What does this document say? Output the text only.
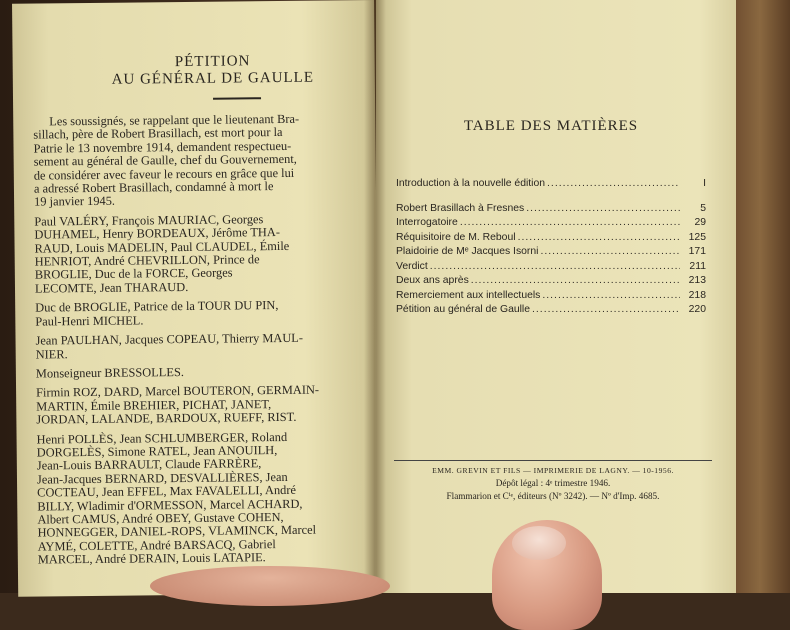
PÉTITION
AU GÉNÉRAL DE GAULLE
Les soussignés, se rappelant que le lieutenant Bra-
sillach, père de Robert Brasillach, est mort pour la
Patrie le 13 novembre 1914, demandent respectueu-
sement au général de Gaulle, chef du Gouvernement,
de considérer avec faveur le recours en grâce que lui
a adressé Robert Brasillach, condamné à mort le
19 janvier 1945.
Paul VALÉRY, François MAURIAC, Georges
DUHAMEL, Henry BORDEAUX, Jérôme THA-
RAUD, Louis MADELIN, Paul CLAUDEL, Émile
HENRIOT, André CHEVRILLON, Prince de
BROGLIE, Duc de la FORCE, Georges
LECOMTE, Jean THARAUD.
Duc de BROGLIE, Patrice de la TOUR DU PIN,
Paul-Henri MICHEL.
Jean PAULHAN, Jacques COPEAU, Thierry MAUL-
NIER.
Monseigneur BRESSOLLES.
Firmin ROZ, DARD, Marcel BOUTERON, GERMAIN-
MARTIN, Émile BREHIER, PICHAT, JANET,
JORDAN, LALANDE, BARDOUX, RUEFF, RIST.
Henri POLLÈS, Jean SCHLUMBERGER, Roland
DORGELÈS, Simone RATEL, Jean ANOUILH,
Jean-Louis BARRAULT, Claude FARRÈRE,
Jean-Jacques BERNARD, DESVALLIÈRES, Jean
COCTEAU, Jean EFFEL, Max FAVALELLI, André
BILLY, Wladimir d'ORMESSON, Marcel ACHARD,
Albert CAMUS, André OBEY, Gustave COHEN,
HONNEGGER, DANIEL-ROPS, VLAMINCK, Marcel
AYMÉ, COLETTE, André BARSACQ, Gabriel
MARCEL, André DERAIN, Louis LATAPIE.
TABLE DES MATIÈRES
Introduction à la nouvelle édition .....	I
Robert Brasillach à Fresnes .....	5
Interrogatoire .....	29
Réquisitoire de M. Reboul .....	125
Plaidoirie de Mᵉ Jacques Isorni .....	171
Verdict .....	211
Deux ans après .....	213
Remerciement aux intellectuels .....	218
Pétition au général de Gaulle .....	220
EMM. GREVIN ET FILS — IMPRIMERIE DE LAGNY. — 10-1956.
Dépôt légal : 4ᵉ trimestre 1946.
Flammarion et Cⁱᵉ, éditeurs (Nº 3242). — Nº d'Imp. 4685.
